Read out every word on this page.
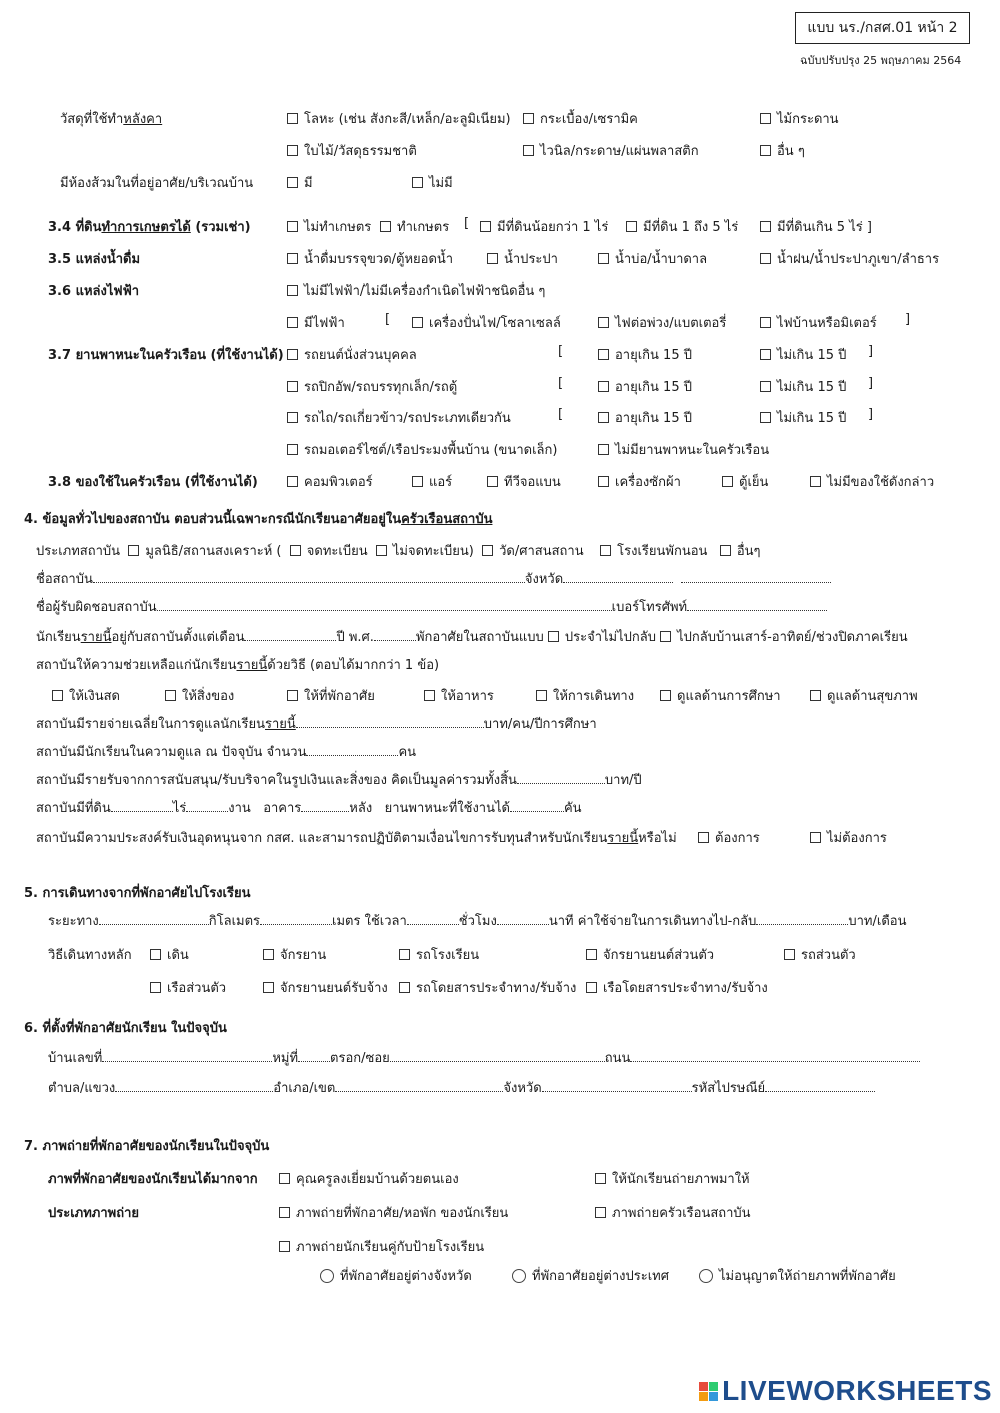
แบบ นร./กสศ.01 หน้า 2
ฉบับปรับปรุง 25 พฤษภาคม 2564
วัสดุที่ใช้ทำหลังคา	โลหะ (เช่น สังกะสี/เหล็ก/อะลูมิเนียม)	กระเบื้อง/เซรามิค	ไม้กระดาน
ใบไม้/วัสดุธรรมชาติ	ไวนิล/กระดาษ/แผ่นพลาสติก	อื่น ๆ
มีห้องส้วมในที่อยู่อาศัย/บริเวณบ้าน	มี	ไม่มี
3.4 ที่ดินทำการเกษตรได้ (รวมเช่า)	ไม่ทำเกษตร	ทำเกษตร [	มีที่ดินน้อยกว่า 1 ไร่	มีที่ดิน 1 ถึง 5 ไร่	มีที่ดินเกิน 5 ไร่ ]
3.5 แหล่งน้ำดื่ม	น้ำดื่มบรรจุขวด/ตู้หยอดน้ำ	น้ำประปา	น้ำบ่อ/น้ำบาดาล	น้ำฝน/น้ำประปาภูเขา/ลำธาร
3.6 แหล่งไฟฟ้า	ไม่มีไฟฟ้า/ไม่มีเครื่องกำเนิดไฟฟ้าชนิดอื่น ๆ
มีไฟฟ้า	[	เครื่องปั่นไฟ/โซลาเซลล์	ไฟต่อพ่วง/แบตเตอรี่	ไฟบ้านหรือมิเตอร์ ]
3.7 ยานพาหนะในครัวเรือน (ที่ใช้งานได้)	รถยนต์นั่งส่วนบุคคล	[	อายุเกิน 15 ปี	ไม่เกิน 15 ปี ]
รถปิกอัพ/รถบรรทุกเล็ก/รถตู้	[	อายุเกิน 15 ปี	ไม่เกิน 15 ปี ]
รถไถ/รถเกี่ยวข้าว/รถประเภทเดียวกัน	[	อายุเกิน 15 ปี	ไม่เกิน 15 ปี ]
รถมอเตอร์ไซต์/เรือประมงพื้นบ้าน (ขนาดเล็ก)	ไม่มียานพาหนะในครัวเรือน
3.8 ของใช้ในครัวเรือน (ที่ใช้งานได้)	คอมพิวเตอร์	แอร์	ทีวีจอแบน	เครื่องซักผ้า	ตู้เย็น	ไม่มีของใช้ดังกล่าว
4. ข้อมูลทั่วไปของสถาบัน ตอบส่วนนี้เฉพาะกรณีนักเรียนอาศัยอยู่ในครัวเรือนสถาบัน
ประเภทสถาบัน มูลนิธิ/สถานสงเคราะห์ ( จดทะเบียน ไม่จดทะเบียน) วัด/ศาสนสถาน	โรงเรียนพักนอน อื่นๆ
ชื่อสถาบัน	จังหวัด
ชื่อผู้รับผิดชอบสถาบัน	เบอร์โทรศัพท์
นักเรียนรายนี้อยู่กับสถาบันตั้งแต่เดือน	ปี พ.ศ.	พักอาศัยในสถาบันแบบ ประจำไม่ไปกลับ ไปกลับบ้านเสาร์-อาทิตย์/ช่วงปิดภาคเรียน
สถาบันให้ความช่วยเหลือแก่นักเรียนรายนี้ด้วยวิธี (ตอบได้มากกว่า 1 ข้อ)
ให้เงินสด	ให้สิ่งของ	ให้ที่พักอาศัย	ให้อาหาร	ให้การเดินทาง	ดูแลด้านการศึกษา	ดูแลด้านสุขภาพ
สถาบันมีรายจ่ายเฉลี่ยในการดูแลนักเรียนรายนี้	บาท/คน/ปีการศึกษา
สถาบันมีนักเรียนในความดูแล ณ ปัจจุบัน จำนวน	คน
สถาบันมีรายรับจากการสนับสนุน/รับบริจาคในรูปเงินและสิ่งของ คิดเป็นมูลค่ารวมทั้งสิ้น	บาท/ปี
สถาบันมีที่ดิน	ไร่	งาน อาคาร	หลัง ยานพาหนะที่ใช้งานได้	คัน
สถาบันมีความประสงค์รับเงินอุดหนุนจาก กสศ. และสามารถปฏิบัติตามเงื่อนไขการรับทุนสำหรับนักเรียนรายนี้หรือไม่	ต้องการ	ไม่ต้องการ
5. การเดินทางจากที่พักอาศัยไปโรงเรียน
ระยะทาง	กิโลเมตร	เมตร ใช้เวลา	ชั่วโมง	นาที ค่าใช้จ่ายในการเดินทางไป-กลับ	บาท/เดือน
วิธีเดินทางหลัก	เดิน	จักรยาน	รถโรงเรียน	จักรยานยนต์ส่วนตัว	รถส่วนตัว
เรือส่วนตัว	จักรยานยนต์รับจ้าง	รถโดยสารประจำทาง/รับจ้าง	เรือโดยสารประจำทาง/รับจ้าง
6. ที่ตั้งที่พักอาศัยนักเรียน ในปัจจุบัน
บ้านเลขที่	หมู่ที่ ตรอก/ซอย	ถนน
ตำบล/แขวง	อำเภอ/เขต	จังหวัด	รหัสไปรษณีย์
7. ภาพถ่ายที่พักอาศัยของนักเรียนในปัจจุบัน
ภาพที่พักอาศัยของนักเรียนได้มากจาก	คุณครูลงเยี่ยมบ้านด้วยตนเอง	ให้นักเรียนถ่ายภาพมาให้
ประเภทภาพถ่าย	ภาพถ่ายที่พักอาศัย/หอพัก ของนักเรียน	ภาพถ่ายครัวเรือนสถาบัน
ภาพถ่ายนักเรียนคู่กับป้ายโรงเรียน
ที่พักอาศัยอยู่ต่างจังหวัด	ที่พักอาศัยอยู่ต่างประเทศ	ไม่อนุญาตให้ถ่ายภาพที่พักอาศัย
LIVEWORKSHEETS
